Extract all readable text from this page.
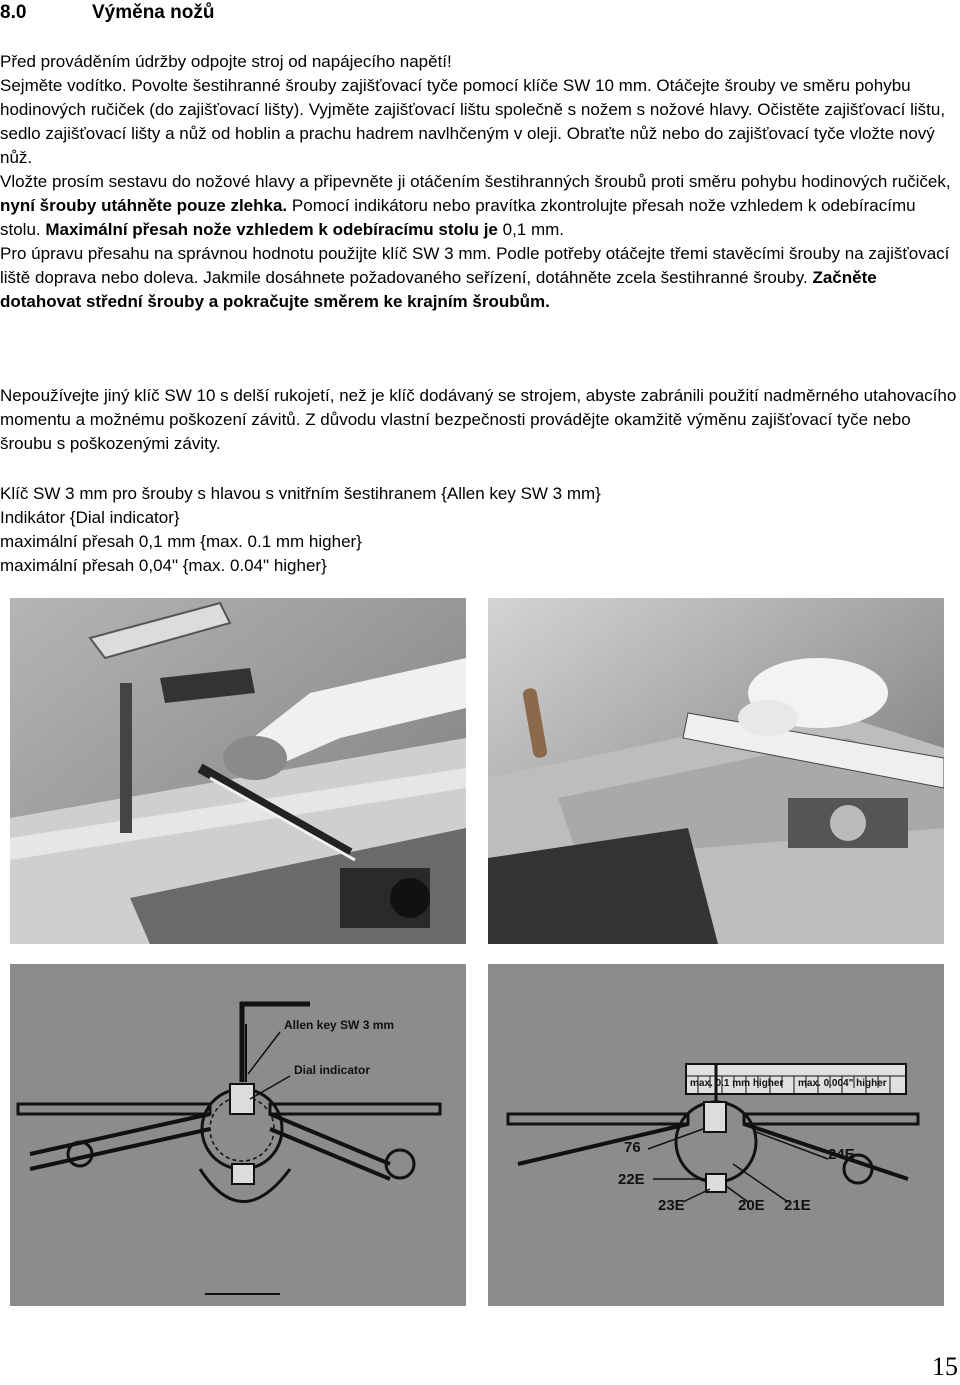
8.0	Výměna nožů

Před prováděním údržby odpojte stroj od napájecího napětí!

Sejměte vodítko. Povolte šestihranné šrouby zajišťovací tyče pomocí klíče SW 10 mm. Otáčejte šrouby ve směru pohybu hodinových ručiček (do zajišťovací lišty). Vyjměte zajišťovací lištu společně s nožem s nožové hlavy. Očistěte zajišťovací lištu, sedlo zajišťovací lišty a nůž od hoblin a prachu hadrem navlhčeným v oleji. Obraťte nůž nebo do zajišťovací tyče vložte nový nůž.

Vložte prosím sestavu do nožové hlavy a připevněte ji otáčením šestihranných šroubů proti směru pohybu hodinových ručiček, nyní šrouby utáhněte pouze zlehka. Pomocí indikátoru nebo pravítka zkontrolujte přesah nože vzhledem k odebíracímu stolu. Maximální přesah nože vzhledem k odebíracímu stolu je 0,1 mm.

Pro úpravu přesahu na správnou hodnotu použijte klíč SW 3 mm. Podle potřeby otáčejte třemi stavěcími šrouby na zajišťovací liště doprava nebo doleva. Jakmile dosáhnete požadovaného seřízení, dotáhněte zcela šestihranné šrouby. Začněte dotahovat střední šrouby a pokračujte směrem ke krajním šroubům.

Nepoužívejte jiný klíč SW 10 s delší rukojetí, než je klíč dodávaný se strojem, abyste zabránili použití nadměrného utahovacího momentu a možnému poškození závitů. Z důvodu vlastní bezpečnosti provádějte okamžitě výměnu zajišťovací tyče nebo šroubu s poškozenými závity.

Klíč SW 3 mm pro šrouby s hlavou s vnitřním šestihranem {Allen key SW 3 mm}

Indikátor {Dial indicator}

maximální přesah 0,1 mm {max. 0.1 mm higher}

maximální přesah 0,04" {max. 0.04" higher}

Allen key SW 3 mm
Dial indicator
max. 0.1 mm higher max. 0.004" higher
76
22E
23E	20E 21E
24E
15
